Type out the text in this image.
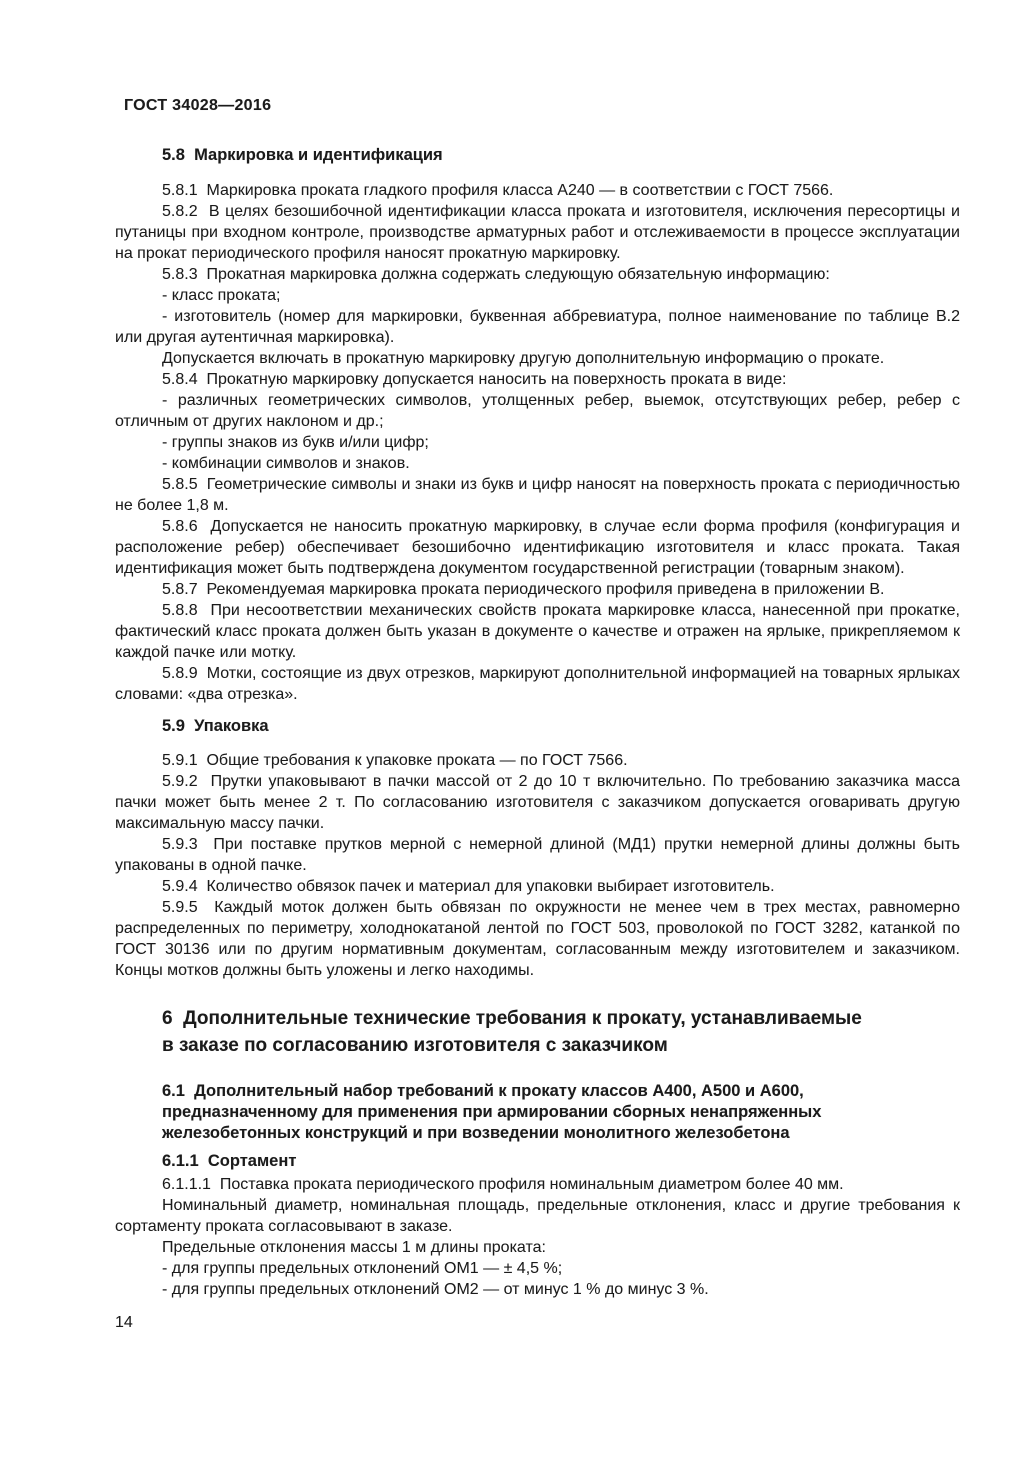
ГОСТ 34028—2016
5.8  Маркировка и идентификация

5.8.1  Маркировка проката гладкого профиля класса А240 — в соответствии с ГОСТ 7566.

5.8.2  В целях безошибочной идентификации класса проката и изготовителя, исключения пересортицы и путаницы при входном контроле, производстве арматурных работ и отслеживаемости в процессе эксплуатации на прокат периодического профиля наносят прокатную маркировку.

5.8.3  Прокатная маркировка должна содержать следующую обязательную информацию:

- класс проката;

- изготовитель (номер для маркировки, буквенная аббревиатура, полное наименование по таблице В.2 или другая аутентичная маркировка).

Допускается включать в прокатную маркировку другую дополнительную информацию о прокате.

5.8.4  Прокатную маркировку допускается наносить на поверхность проката в виде:

- различных геометрических символов, утолщенных ребер, выемок, отсутствующих ребер, ребер с отличным от других наклоном и др.;

- группы знаков из букв и/или цифр;

- комбинации символов и знаков.

5.8.5  Геометрические символы и знаки из букв и цифр наносят на поверхность проката с периодичностью не более 1,8 м.

5.8.6  Допускается не наносить прокатную маркировку, в случае если форма профиля (конфигурация и расположение ребер) обеспечивает безошибочно идентификацию изготовителя и класс проката. Такая идентификация может быть подтверждена документом государственной регистрации (товарным знаком).

5.8.7  Рекомендуемая маркировка проката периодического профиля приведена в приложении В.

5.8.8  При несоответствии механических свойств проката маркировке класса, нанесенной при прокатке, фактический класс проката должен быть указан в документе о качестве и отражен на ярлыке, прикрепляемом к каждой пачке или мотку.

5.8.9  Мотки, состоящие из двух отрезков, маркируют дополнительной информацией на товарных ярлыках словами: «два отрезка».

5.9  Упаковка

5.9.1  Общие требования к упаковке проката — по ГОСТ 7566.

5.9.2  Прутки упаковывают в пачки массой от 2 до 10 т включительно. По требованию заказчика масса пачки может быть менее 2 т. По согласованию изготовителя с заказчиком допускается оговаривать другую максимальную массу пачки.

5.9.3  При поставке прутков мерной с немерной длиной (МД1) прутки немерной длины должны быть упакованы в одной пачке.

5.9.4  Количество обвязок пачек и материал для упаковки выбирает изготовитель.

5.9.5  Каждый моток должен быть обвязан по окружности не менее чем в трех местах, равномерно распределенных по периметру, холоднокатаной лентой по ГОСТ 503, проволокой по ГОСТ 3282, катанкой по ГОСТ 30136 или по другим нормативным документам, согласованным между изготовителем и заказчиком. Концы мотков должны быть уложены и легко находимы.

6  Дополнительные технические требования к прокату, устанавливаемые
в заказе по согласованию изготовителя с заказчиком
6.1  Дополнительный набор требований к прокату классов А400, А500 и А600,
предназначенному для применения при армировании сборных ненапряженных
железобетонных конструкций и при возведении монолитного железобетона
6.1.1  Сортамент

6.1.1.1  Поставка проката периодического профиля номинальным диаметром более 40 мм.

Номинальный диаметр, номинальная площадь, предельные отклонения, класс и другие требования к сортаменту проката согласовывают в заказе.

Предельные отклонения массы 1 м длины проката:

- для группы предельных отклонений ОМ1 — ± 4,5 %;

- для группы предельных отклонений ОМ2 — от минус 1 % до минус 3 %.

14
